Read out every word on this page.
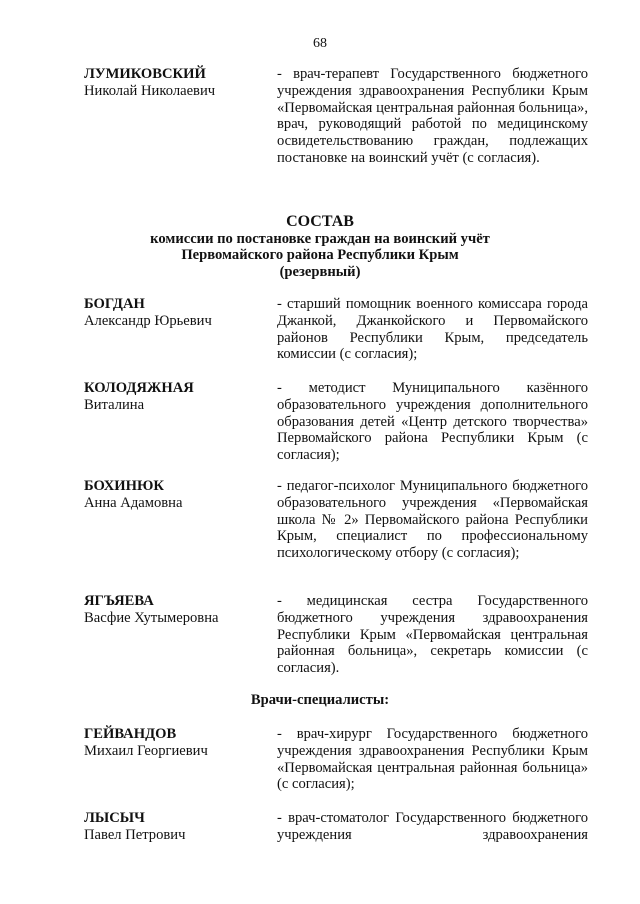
68
ЛУМИКОВСКИЙ
Николай Николаевич
- врач-терапевт Государственного бюджетного учреждения здравоохранения Республики Крым «Первомайская центральная районная больница», врач, руководящий работой по медицинскому освидетельствованию граждан, подлежащих постановке на воинский учёт (с согласия).
СОСТАВ
комиссии по постановке граждан на воинский учёт
Первомайского района Республики Крым
(резервный)
БОГДАН
Александр Юрьевич
- старший помощник военного комиссара города Джанкой, Джанкойского и Первомайского районов Республики Крым, председатель комиссии (с согласия);
КОЛОДЯЖНАЯ
Виталина
- методист Муниципального казённого образовательного учреждения дополнительного образования детей «Центр детского творчества» Первомайского района Республики Крым (с согласия);
БОХИНЮК
Анна Адамовна
- педагог-психолог Муниципального бюджетного образовательного учреждения «Первомайская школа № 2» Первомайского района Республики Крым, специалист по профессиональному психологическому отбору (с согласия);
ЯГЪЯЕВА
Васфие Хутымеровна
- медицинская сестра Государственного бюджетного учреждения здравоохранения Республики Крым «Первомайская центральная районная больница», секретарь комиссии (с согласия).
Врачи-специалисты:
ГЕЙВАНДОВ
Михаил Георгиевич
- врач-хирург Государственного бюджетного учреждения здравоохранения Республики Крым «Первомайская центральная районная больница» (с согласия);
ЛЫСЫЧ
Павел Петрович
- врач-стоматолог Государственного бюджетного учреждения здравоохранения
